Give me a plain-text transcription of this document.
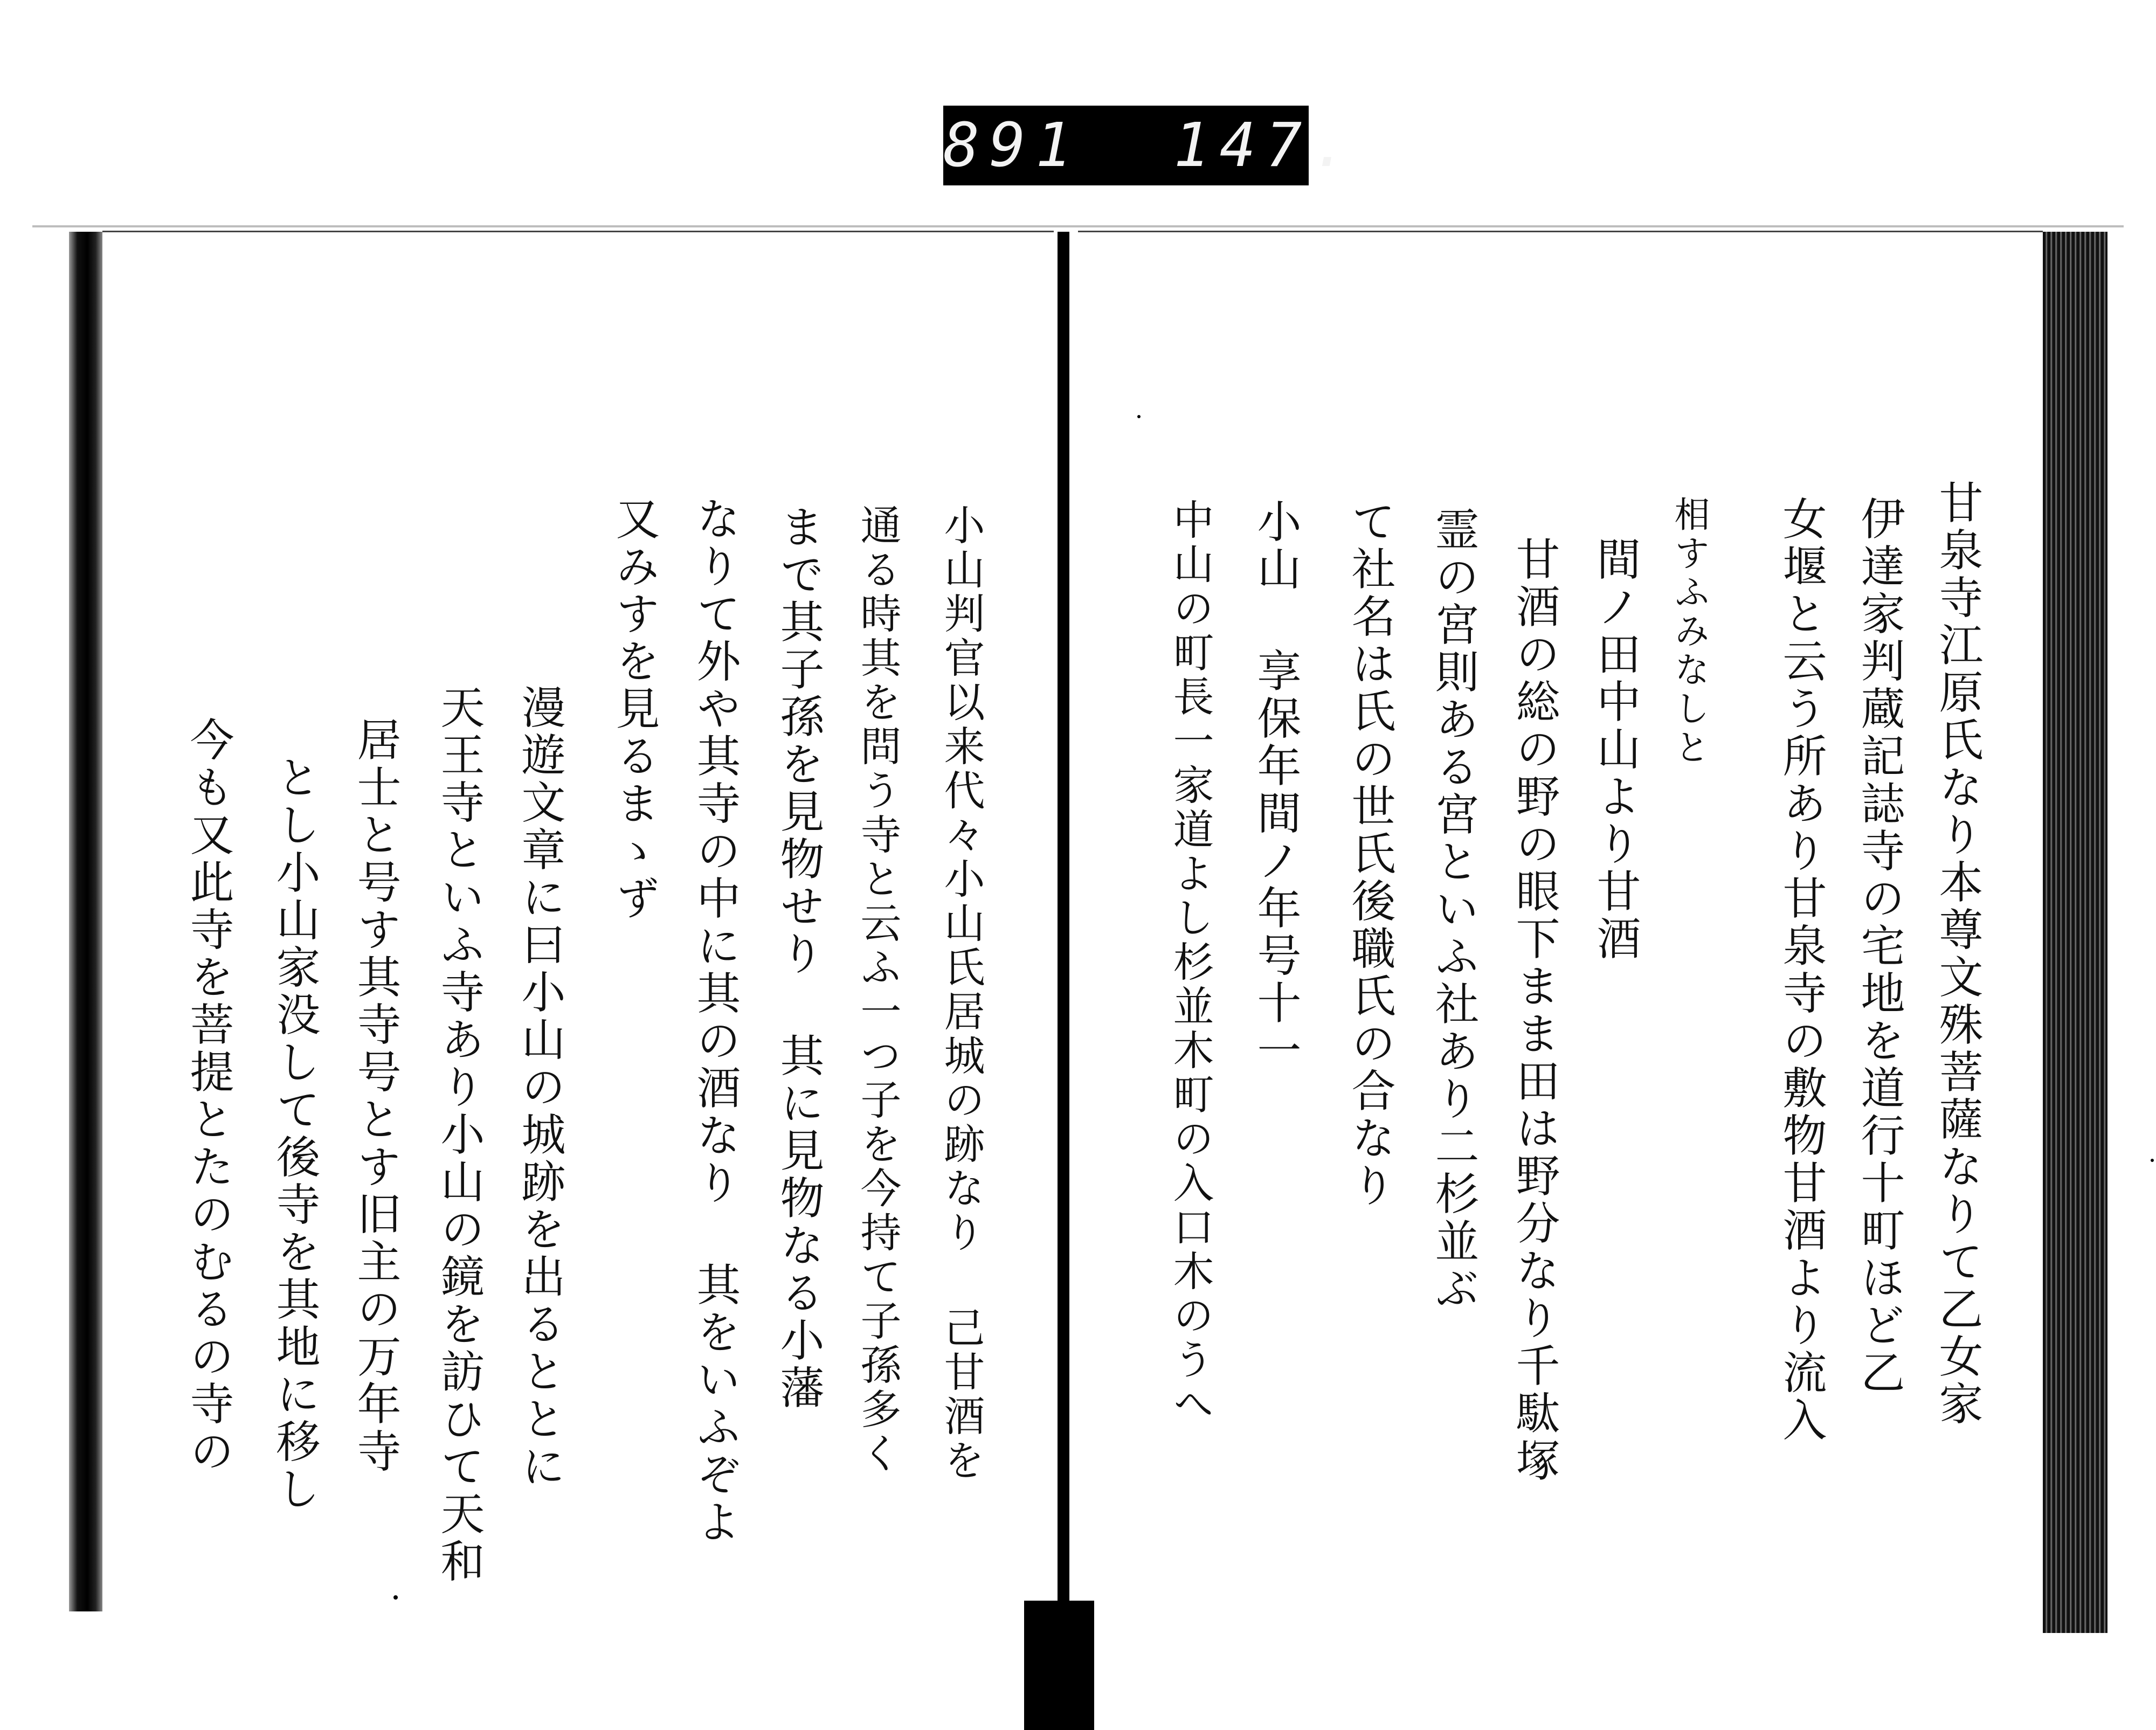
891  147.
甘泉寺江原氏なり本尊文殊菩薩なりて乙女家
伊達家判蔵記誌寺の宅地を道行十町ほど乙
女堰と云う所あり甘泉寺の敷物甘酒より流入
相すふみなしと
間ノ田中山より甘酒
甘酒の総の野の眼下まま田は野分なり千駄塚
霊の宮則ある宮といふ社あり二杉並ぶ
て社名は氏の世氏後職氏の合なり
小山 享保年間ノ年号十一
中山の町長一家道よし杉並木町の入口木のうへ
小山判官以来代々小山氏居城の跡なり 己甘酒を
通る時其を問う寺と云ふ一つ子を今持て子孫多く
まで其子孫を見物せり 其に見物なる小藩
なりて外や其寺の中に其の酒なり 其をいふぞよ
又みすを見るまゝず
漫遊文章に曰小山の城跡を出るととに
天王寺といふ寺あり小山の鏡を訪ひて天和
居士と号す其寺号とす旧主の万年寺
とし小山家没して後寺を其地に移し
今も又此寺を菩提とたのむるの寺の
